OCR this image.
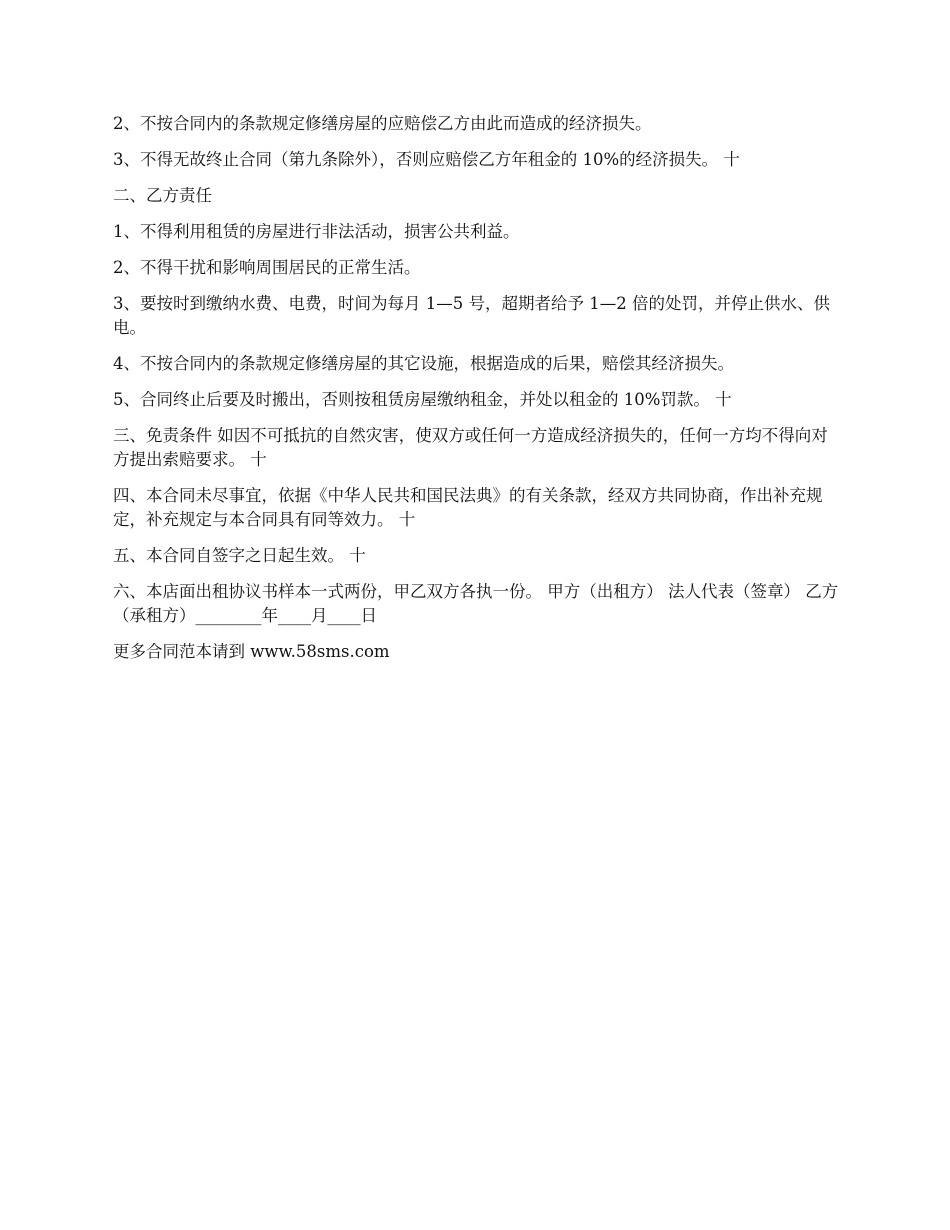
2、不按合同内的条款规定修缮房屋的应赔偿乙方由此而造成的经济损失。

3、不得无故终止合同（第九条除外），否则应赔偿乙方年租金的 10%的经济损失。 十

二、乙方责任

1、不得利用租赁的房屋进行非法活动，损害公共利益。

2、不得干扰和影响周围居民的正常生活。

3、要按时到缴纳水费、电费，时间为每月 1—5 号，超期者给予 1—2 倍的处罚，并停止供水、供电。

4、不按合同内的条款规定修缮房屋的其它设施，根据造成的后果，赔偿其经济损失。

5、合同终止后要及时搬出，否则按租赁房屋缴纳租金，并处以租金的 10%罚款。 十

三、免责条件 如因不可抵抗的自然灾害，使双方或任何一方造成经济损失的，任何一方均不得向对方提出索赔要求。 十

四、本合同未尽事宜，依据《中华人民共和国民法典》的有关条款，经双方共同协商，作出补充规定，补充规定与本合同具有同等效力。 十

五、本合同自签字之日起生效。 十

六、本店面出租协议书样本一式两份，甲乙双方各执一份。 甲方（出租方） 法人代表（签章） 乙方（承租方）________年____月____日

更多合同范本请到 www.58sms.com
